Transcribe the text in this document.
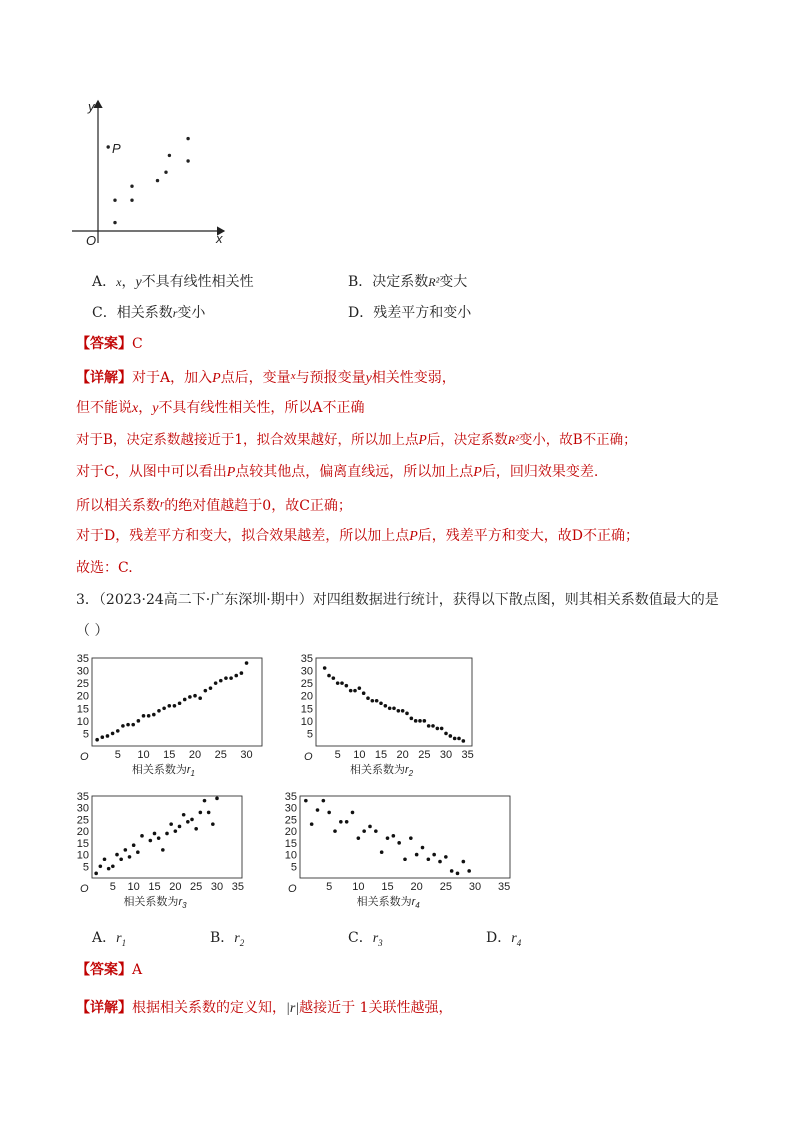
y
x
O
P
A．x，y不具有线性相关性	B．决定系数R²变大
C．相关系数r变小	D．残差平方和变小
【答案】C
【详解】对于A，加入P点后，变量$^x$与预报变量y相关性变弱，
但不能说x，y不具有线性相关性，所以A不正确
对于B，决定系数越接近于1，拟合效果越好，所以加上点P后，决定系数R²变小，故B不正确；
对于C，从图中可以看出P点较其他点，偏离直线远，所以加上点P后，回归效果变差.
所以相关系数$^r$的绝对值越趋于0，故C正确；
对于D，残差平方和变大，拟合效果越差，所以加上点P后，残差平方和变大，故D不正确；
故选：C.
3．（2023·24高二下·广东深圳·期中）对四组数据进行统计，获得以下散点图，则其相关系数值最大的是
（ ）
35
30
25
20
15
10
5
5 10 15 20 25 30
O
相关系数为$r_1$
35
30
25
20
15
10
5
5 10 15 20 25 30 35
O
相关系数为$r_2$
35
30
25
20
15
10
5
5 10 15 20 25 30 35
O
相关系数为$r_3$
35
30
25
20
15
10
5
5 10 15 20 25 30 35
O
相关系数为$r_4$
A．$r_1$	B．$r_2$	C．$r_3$	D．$r_4$
【答案】A
【详解】根据相关系数的定义知，|r|越接近于 1关联性越强，
